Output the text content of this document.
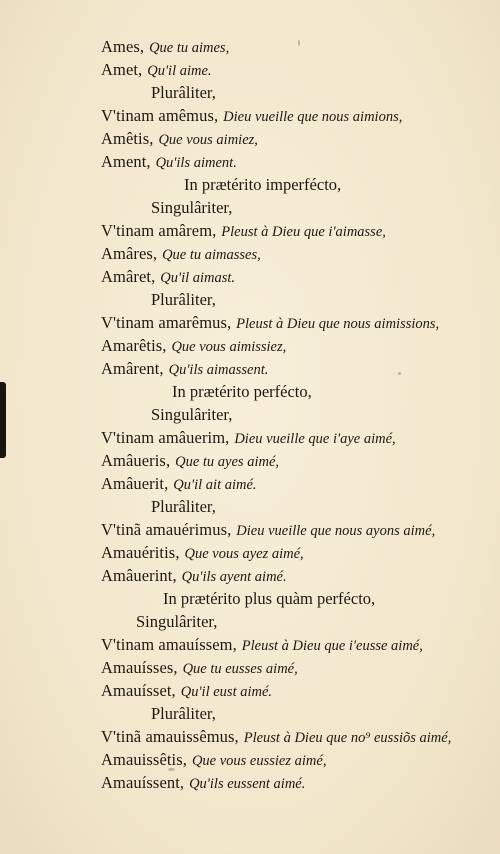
Ames, Que tu aimes,
Amet, Qu'il aime.
Plurâliter,
V'tinam amêmus, Dieu vueille que nous aimions,
Amêtis, Que vous aimiez,
Ament, Qu'ils aiment.
In prætérito imperfécto,
Singulâriter,
V'tinam amârem, Pleust à Dieu que i'aimasse,
Amâres, Que tu aimasses,
Amâret, Qu'il aimast.
Plurâliter,
V'tinam amarêmus, Pleust à Dieu que nous aimissions,
Amarêtis, Que vous aimissiez,
Amârent, Qu'ils aimassent.
In prætérito perfécto,
Singulâriter,
V'tinam amâuerim, Dieu vueille que i'aye aimé,
Amâueris, Que tu ayes aimé,
Amâuerit, Qu'il ait aimé.
Plurâliter,
V'tinã amauérimus, Dieu vueille que nous ayons aimé,
Amauéritis, Que vous ayez aimé,
Amâuerint, Qu'ils ayent aimé.
In prætérito plus quàm perfécto,
Singulâriter,
V'tinam amauíssem, Pleust à Dieu que i'eusse aimé,
Amauísses, Que tu eusses aimé,
Amauísset, Qu'il eust aimé.
Plurâliter,
V'tinã amauissêmus, Pleust à Dieu que no⁹ eussiõs aimé,
Amauissêtis, Que vous eussiez aimé,
Amauíssent, Qu'ils eussent aimé.
